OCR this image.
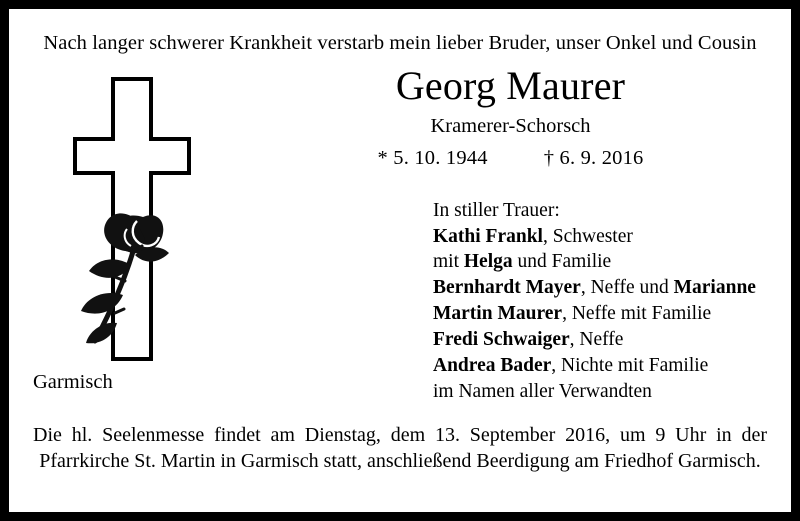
Nach langer schwerer Krankheit verstarb mein lieber Bruder, unser Onkel und Cousin
Georg Maurer
Kramerer-Schorsch
* 5. 10. 1944	† 6. 9. 2016
In stiller Trauer:
Kathi Frankl, Schwester
mit Helga und Familie
Bernhardt Mayer, Neffe und Marianne
Martin Maurer, Neffe mit Familie
Fredi Schwaiger, Neffe
Andrea Bader, Nichte mit Familie
im Namen aller Verwandten
Garmisch
Die hl. Seelenmesse findet am Dienstag, dem 13. September 2016, um 9 Uhr in der Pfarrkirche St. Martin in Garmisch statt, anschließend Beerdigung am Friedhof Garmisch.
